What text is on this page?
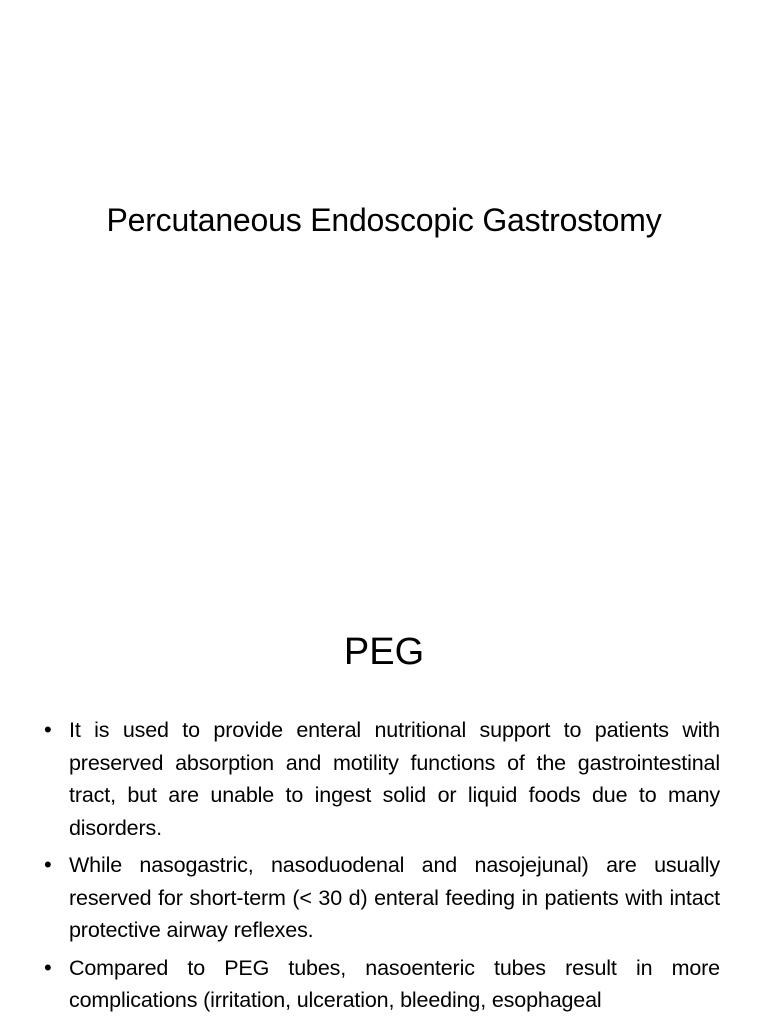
Percutaneous Endoscopic Gastrostomy
PEG
• It is used to provide enteral nutritional support to patients with preserved absorption and motility functions of the gastrointestinal tract, but are unable to ingest solid or liquid foods due to many disorders.
• While nasogastric, nasoduodenal and nasojejunal) are usually reserved for short-term (< 30 d) enteral feeding in patients with intact protective airway reflexes.
• Compared to PEG tubes, nasoenteric tubes result in more complications (irritation, ulceration, bleeding, esophageal
